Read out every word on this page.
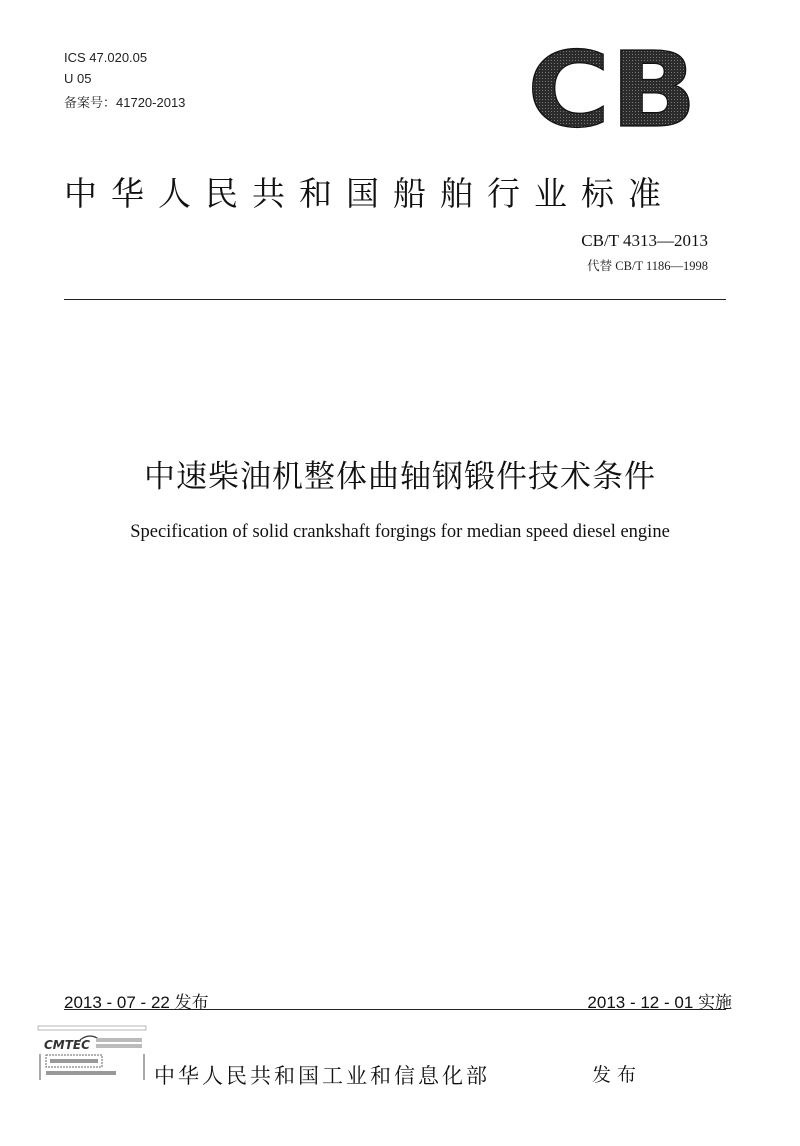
ICS 47.020.05
U 05
备案号：41720-2013	CB
中华人民共和国船舶行业标准
CB/T 4313—2013
代替 CB/T 1186—1998
中速柴油机整体曲轴钢锻件技术条件
Specification of solid crankshaft forgings for median speed diesel engine
2013 - 07 - 22 发布	2013 - 12 - 01 实施
CMTEC
中华人民共和国工业和信息化部	发布
